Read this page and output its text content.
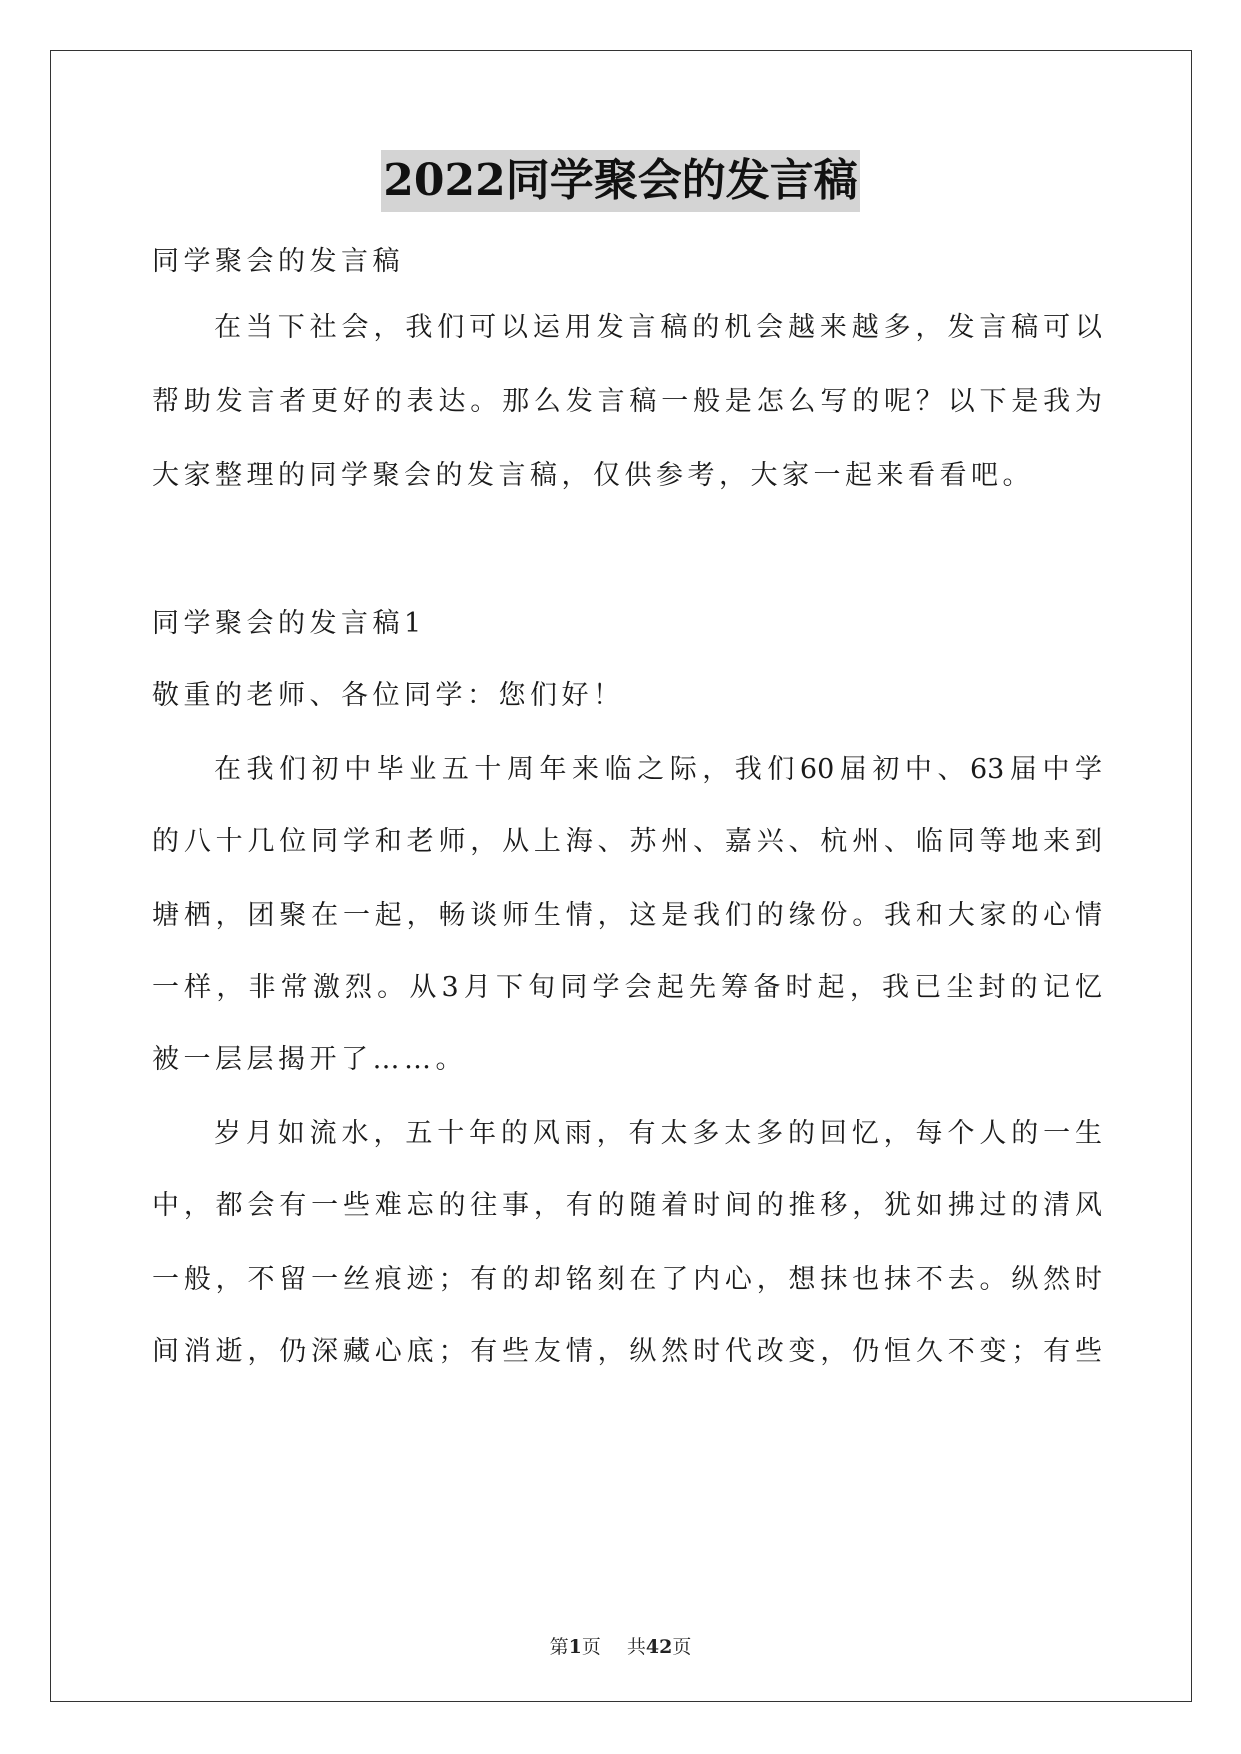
2022同学聚会的发言稿
同学聚会的发言稿
在当下社会，我们可以运用发言稿的机会越来越多，发言稿可以
帮助发言者更好的表达。那么发言稿一般是怎么写的呢？以下是我为
大家整理的同学聚会的发言稿，仅供参考，大家一起来看看吧。
同学聚会的发言稿1
敬重的老师、各位同学：您们好！
在我们初中毕业五十周年来临之际，我们60届初中、63届中学
的八十几位同学和老师，从上海、苏州、嘉兴、杭州、临同等地来到
塘栖，团聚在一起，畅谈师生情，这是我们的缘份。我和大家的心情
一样，非常激烈。从3月下旬同学会起先筹备时起，我已尘封的记忆
被一层层揭开了……。
岁月如流水，五十年的风雨，有太多太多的回忆，每个人的一生
中，都会有一些难忘的往事，有的随着时间的推移，犹如拂过的清风
一般，不留一丝痕迹；有的却铭刻在了内心，想抹也抹不去。纵然时
间消逝，仍深藏心底；有些友情，纵然时代改变，仍恒久不变；有些
第1页 共42页
